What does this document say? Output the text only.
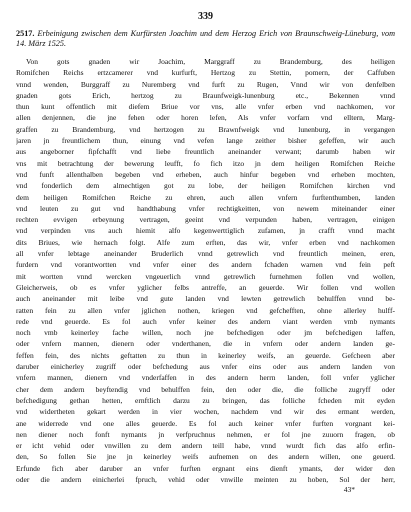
339
2517. Erbeinigung zwischen dem Kurfürsten Joachim und dem Herzog Erich von Braunschweig-Lüneburg, vom 14. März 1525.
Von gots gnaden wir Joachim, Marggraff zu Brandemburg, des heiligen
Romifchen Reichs ertzcamerer vnd kurfurft, Hertzog zu Stettin, pomern, der Caffuben
vnnd wenden, Burggraff zu Nuremberg vnd furft zu Rugen, Vnnd wir von denfelben
gnaden gots Erich, hertzog zu Braunfweigk-lunenburg etc., Bekennen vnnd
thun kunt offentlich mit diefem Briue vor vns, alle vnfer erben vnd nachkomen, vor
allen denjennen, die jne fehen oder horen lefen, Als vnfer vorfarn vnd elltern, Marg-
graffen zu Brandemburg, vnd hertzogen zu Brawnfweigk vnd lunenburg, in vergangen
jaren jn freuntlichem thun, einung vnd vefen lange zeither bisher gefeffen, wir auch
aus angeborner fipfchafft vnd liebe freuntlich aneinander verwant; darumb haben wir
vns mit betrachtung der bewerung leufft, fo fich itzo jn dem heiligen Romifchen Reiche
vnd funft allenthalben begeben vnd erheben, auch hinfur begeben vnd erheben mochten,
vnd fonderlich dem almechtigen got zu lobe, der heiligen Romifchen kirchen vnd
dem heiligen Romifchen Reiche zu ehren, auch allen vnfern furftenthumben, landen
vnd leuten zu gut vnd handthabung vnfer rechtigkeitten, von newem miteinander einer
rechten evvigen erbeynung vertragen, geeint vnd verpunden haben, vertragen, einigen
vnd verpinden vns auch hiemit alfo kegenwerttiglich zufamen, jn crafft vnnd macht
dits Briues, wie hernach folgt. Alfe zum erften, das wir, vnfer erben vnd nachkomen
all vnfer lebtage aneinander Bruderlich vnnd getrewlich vnd freuntlich meinen, eren,
furdern vnd vorantwortten vnd vnfer einer des andern fchaden warnen vnd fein peft
mit wortten vnnd wercken vngeuerlich vnnd getrewlich furnehmen follen vnd wollen,
Gleicherweis, ob es vnfer yglicher felbs antreffe, an geuerde. Wir follen vnd wollen
auch aneinander mit leibe vnd gute landen vnd lewten getrewlich behulffen vnnd be-
ratten fein zu allen vnfer jglichen nothen, kriegen vnd gefchefften, ohne allerley hulff-
rede vnd geuerde. Es fol auch vnfer keiner des andern viant werden vmb nymants
noch vmb keinerley fache willen, noch jne befchedigen oder jm befchedigen laffen,
oder vnfern mannen, dienern oder vnderthanen, die in vnfern oder andern landen ge-
feffen fein, des nichts geftatten zu thun in keinerley weifs, an geuerde. Gefcheen aber
daruber einicherley zugriff oder befchedung aus vnfer eins oder aus andern landen von
vnfern mannen, dienern vnd vnderfaffen in des andern herrn landen, foll vnfer yglicher
cher dem andern beyftendig vnd behulffen fein, den oder die, die folliche zugryff oder
befchedigung gethan hetten, ernftlich darzu zu bringen, das folliche fcheden mit eyden
vnd widertheten gekart werden in vier wochen, nachdem vnd wir des ermant werden,
ane widerrede vnd one alles geuerde. Es fol auch keiner vnfer furften vorgnant kei-
nen diener noch fonft nymants jn verfpruchnus nehmen, er fol jne zuuorn fragen, ob
er icht vehid oder vnwillen zu dem andern teill habe, vnnd wurdt fich das alfo erfin-
den, So follen Sie jne jn keinerley weifs aufnemen on des andern willen, one geuerd.
Erfunde fich aber daruber an vnfer furften ergnant eins dienft ymants, der wider den
oder die andern einicherlei fpruch, vehid oder vnwille meinten zu hoben, Sol der herr,
43*
